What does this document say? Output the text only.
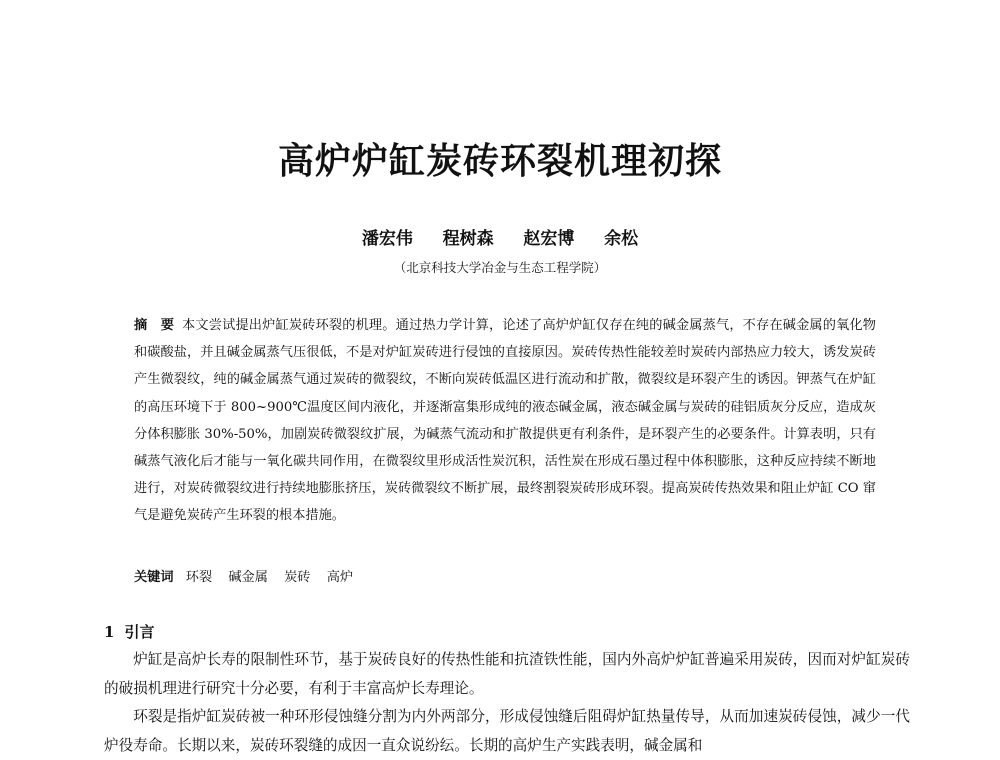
高炉炉缸炭砖环裂机理初探
潘宏伟 程树森 赵宏博 余松
（北京科技大学冶金与生态工程学院）
摘　要 本文尝试提出炉缸炭砖环裂的机理。通过热力学计算，论述了高炉炉缸仅存在纯的碱金属蒸气，不存在碱金属的氧化物和碳酸盐，并且碱金属蒸气压很低，不是对炉缸炭砖进行侵蚀的直接原因。炭砖传热性能较差时炭砖内部热应力较大，诱发炭砖产生微裂纹，纯的碱金属蒸气通过炭砖的微裂纹，不断向炭砖低温区进行流动和扩散，微裂纹是环裂产生的诱因。钾蒸气在炉缸的高压环境下于 800~900℃温度区间内液化，并逐渐富集形成纯的液态碱金属，液态碱金属与炭砖的硅铝质灰分反应，造成灰分体积膨胀 30%-50%，加剧炭砖微裂纹扩展，为碱蒸气流动和扩散提供更有利条件，是环裂产生的必要条件。计算表明，只有碱蒸气液化后才能与一氧化碳共同作用，在微裂纹里形成活性炭沉积，活性炭在形成石墨过程中体积膨胀，这种反应持续不断地进行，对炭砖微裂纹进行持续地膨胀挤压，炭砖微裂纹不断扩展，最终割裂炭砖形成环裂。提高炭砖传热效果和阻止炉缸 CO 窜气是避免炭砖产生环裂的根本措施。
关键词 环裂 碱金属 炭砖 高炉
1 引言

炉缸是高炉长寿的限制性环节，基于炭砖良好的传热性能和抗渣铁性能，国内外高炉炉缸普遍采用炭砖，因而对炉缸炭砖的破损机理进行研究十分必要，有利于丰富高炉长寿理论。

环裂是指炉缸炭砖被一种环形侵蚀缝分割为内外两部分，形成侵蚀缝后阻碍炉缸热量传导，从而加速炭砖侵蚀，减少一代炉役寿命。长期以来，炭砖环裂缝的成因一直众说纷纭。长期的高炉生产实践表明，碱金属和
